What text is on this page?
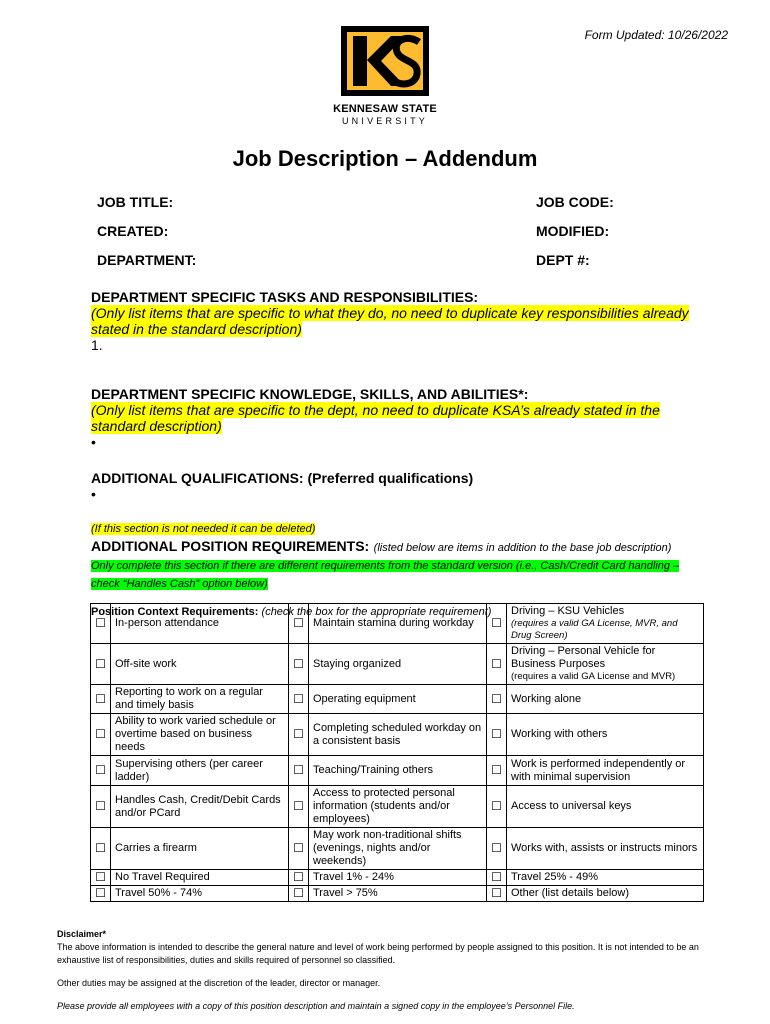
Form Updated: 10/26/2022
KENNESAW STATE
UNIVERSITY
Job Description – Addendum
JOB TITLE:	JOB CODE:
CREATED:	MODIFIED:
DEPARTMENT:	DEPT #:
DEPARTMENT SPECIFIC TASKS AND RESPONSIBILITIES:
(Only list items that are specific to what they do, no need to duplicate key responsibilities already
stated in the standard description)
1.
DEPARTMENT SPECIFIC KNOWLEDGE, SKILLS, AND ABILITIES*:
(Only list items that are specific to the dept, no need to duplicate KSA’s already stated in the
standard description)
•
ADDITIONAL QUALIFICATIONS: (Preferred qualifications)
•
(If this section is not needed it can be deleted)
ADDITIONAL POSITION REQUIREMENTS: (listed below are items in addition to the base job description)
Only complete this section if there are different requirements from the standard version (i.e., Cash/Credit Card handling –
check “Handles Cash” option below)
Position Context Requirements: (check the box for the appropriate requirement)
☐	In-person attendance	☐	Maintain stamina during workday	☐	Driving – KSU Vehicles
(requires a valid GA License, MVR, and Drug Screen)

☐	Off-site work	☐	Staying organized	☐	Driving – Personal Vehicle for Business Purposes
(requires a valid GA License and MVR)

☐	Reporting to work on a regular and timely basis	☐	Operating equipment	☐	Working alone
☐	Ability to work varied schedule or overtime based on business needs	☐	Completing scheduled workday on a consistent basis	☐	Working with others
☐	Supervising others (per career ladder)	☐	Teaching/Training others	☐	Work is performed independently or with minimal supervision
☐	Handles Cash, Credit/Debit Cards and/or PCard	☐	Access to protected personal information (students and/or employees)	☐	Access to universal keys
☐	Carries a firearm	☐	May work non-traditional shifts (evenings, nights and/or weekends)	☐	Works with, assists or instructs minors
☐	No Travel Required	☐	Travel 1% - 24%	☐	Travel 25% - 49%
☐	Travel 50% - 74%	☐	Travel > 75%	☐	Other (list details below)
Disclaimer*
The above information is intended to describe the general nature and level of work being performed by people assigned to this position. It is not intended to be an exhaustive list of responsibilities, duties and skills required of personnel so classified.
Other duties may be assigned at the discretion of the leader, director or manager.
Please provide all employees with a copy of this position description and maintain a signed copy in the employee’s Personnel File.
